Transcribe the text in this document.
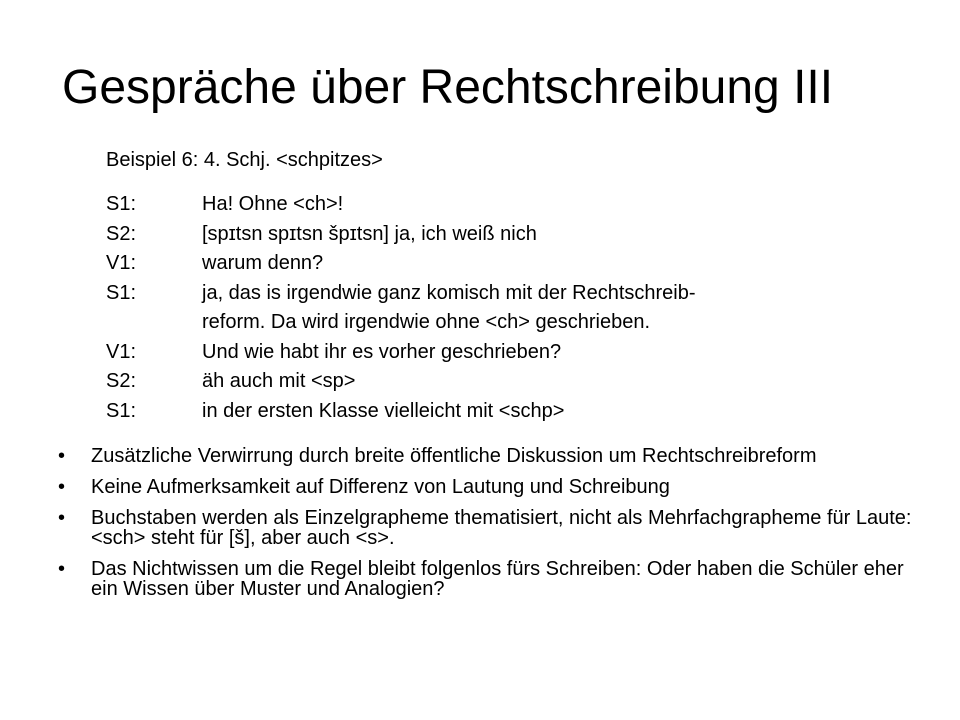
Gespräche über Rechtschreibung III
Beispiel 6: 4. Schj. <schpitzes>
S1:	Ha! Ohne <ch>!
S2:	[spɪtsn spɪtsn špɪtsn] ja, ich weiß nich
V1:	warum denn?
S1:	ja, das is irgendwie ganz komisch mit der Rechtschreib-
reform. Da wird irgendwie ohne <ch> geschrieben.
V1:	Und wie habt ihr es vorher geschrieben?
S2:	äh auch mit <sp>
S1:	in der ersten Klasse vielleicht mit <schp>
• Zusätzliche Verwirrung durch breite öffentliche Diskussion um Rechtschreibreform
• Keine Aufmerksamkeit auf Differenz von Lautung und Schreibung
• Buchstaben werden als Einzelgrapheme thematisiert, nicht als Mehrfachgrapheme für Laute: <sch> steht für [š], aber auch <s>.
• Das Nichtwissen um die Regel bleibt folgenlos fürs Schreiben: Oder haben die Schüler eher ein Wissen über Muster und Analogien?
